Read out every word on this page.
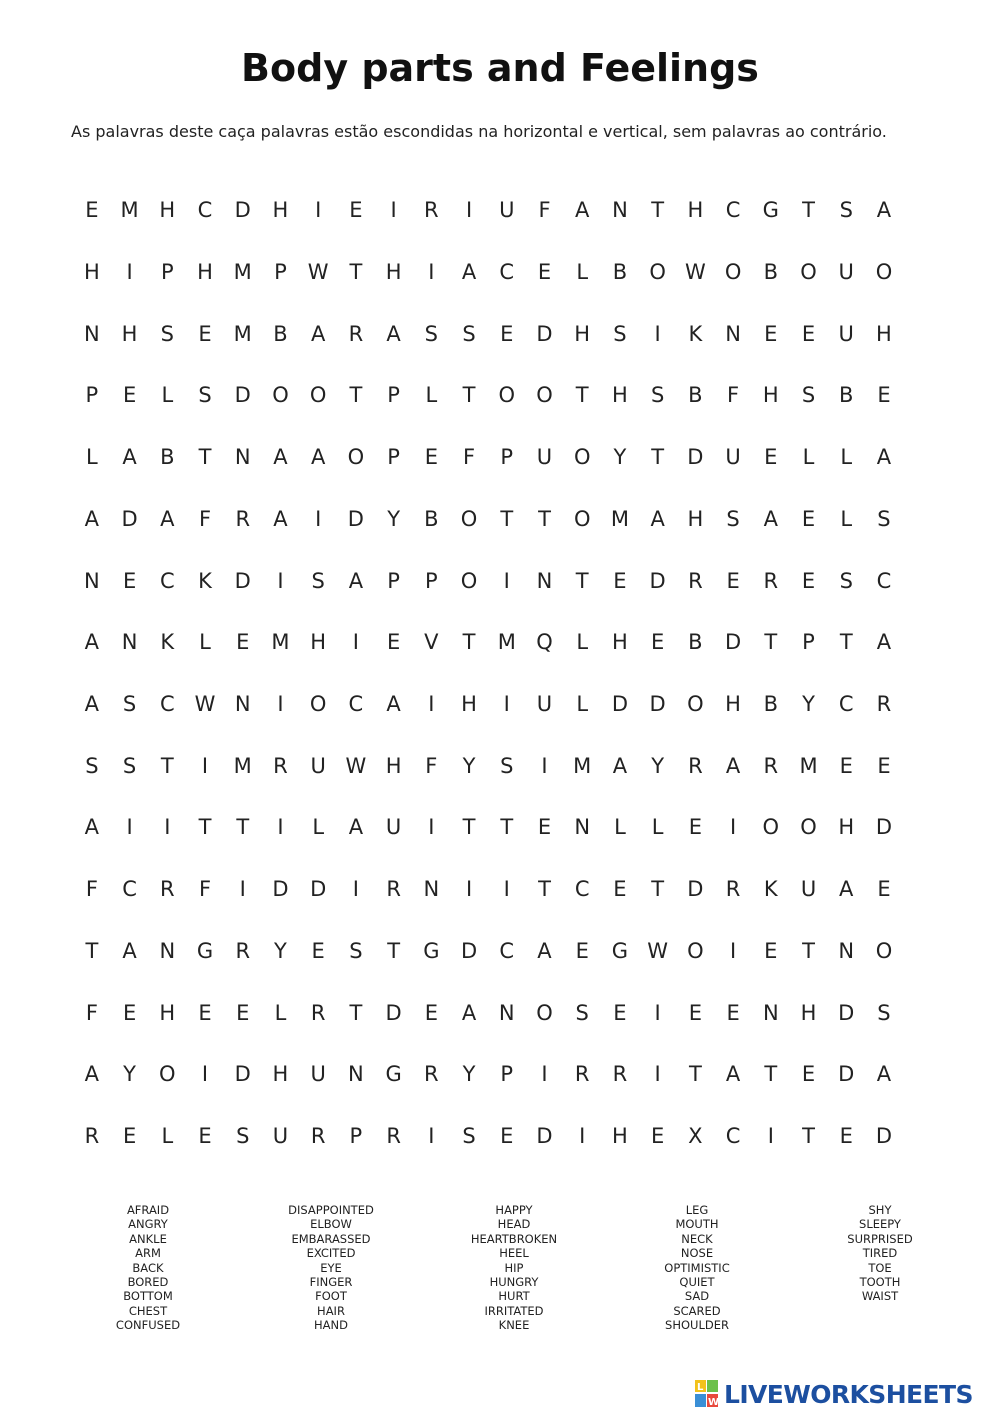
Body parts and Feelings
As palavras deste caça palavras estão escondidas na horizontal e vertical, sem palavras ao contrário.
E	M H	C	D	H	I	E	I	R	I	U	F	A	N	T	H	C	G	T	S	A
H	I	P	H M	P	W T	H	I	A	C	E	L	B	O W O	B	O	U	O
N	H	S	E	M	B	A	R	A	S	S	E	D	H	S	I	K	N	E	E	U	H
P	E	L	S	D	O	O	T	P	L	T	O	O	T	H	S	B	F	H	S	B	E
L	A	B	T	N	A	A	O	P	E	F	P	U	O	Y	T	D	U	E	L	L	A
A	D	A	F	R	A	I	D	Y	B	O	T	T	O M	A	H	S	A	E	L	S
N	E	C	K	D	I	S	A	P	P	O	I	N	T	E	D	R	E	R	E	S	C
A	N	K	L	E	M H	I	E	V	T	M Q	L	H	E	B	D	T	P	T	A
A	S	C W N	I	O	C	A	I	H	I	U	L	D	D	O	H	B	Y	C	R
S	S	T	I	M	R	U W H	F	Y	S	I	M	A	Y	R	A	R	M	E	E
A	I	I	T	T	I	L	A	U	I	T	T	E	N	L	L	E	I	O	O	H	D
F	C	R	F	I	D	D	I	R	N	I	I	T	C	E	T	D	R	K	U	A	E
T	A	N	G	R	Y	E	S	T	G	D	C	A	E	G W O	I	E	T	N	O
F	E	H	E	E	L	R	T	D	E	A	N	O	S	E	I	E	E	N	H	D	S
A	Y	O	I	D	H	U	N	G	R	Y	P	I	R	R	I	T	A	T	E	D	A
R	E	L	E	S	U	R	P	R	I	S	E	D	I	H	E	X	C	I	T	E	D
AFRAID
ANGRY
ANKLE
ARM
BACK
BORED
BOTTOM
CHEST
CONFUSED
DISAPPOINTED
ELBOW
EMBARASSED
EXCITED
EYE
FINGER
FOOT
HAIR
HAND
HAPPY
HEAD
HEARTBROKEN
HEEL
HIP
HUNGRY
HURT
IRRITATED
KNEE
LEG
MOUTH
NECK
NOSE
OPTIMISTIC
QUIET
SAD
SCARED
SHOULDER
SHY
SLEEPY
SURPRISED
TIRED
TOE
TOOTH
WAIST
L
W LIVEWORKSHEETS
